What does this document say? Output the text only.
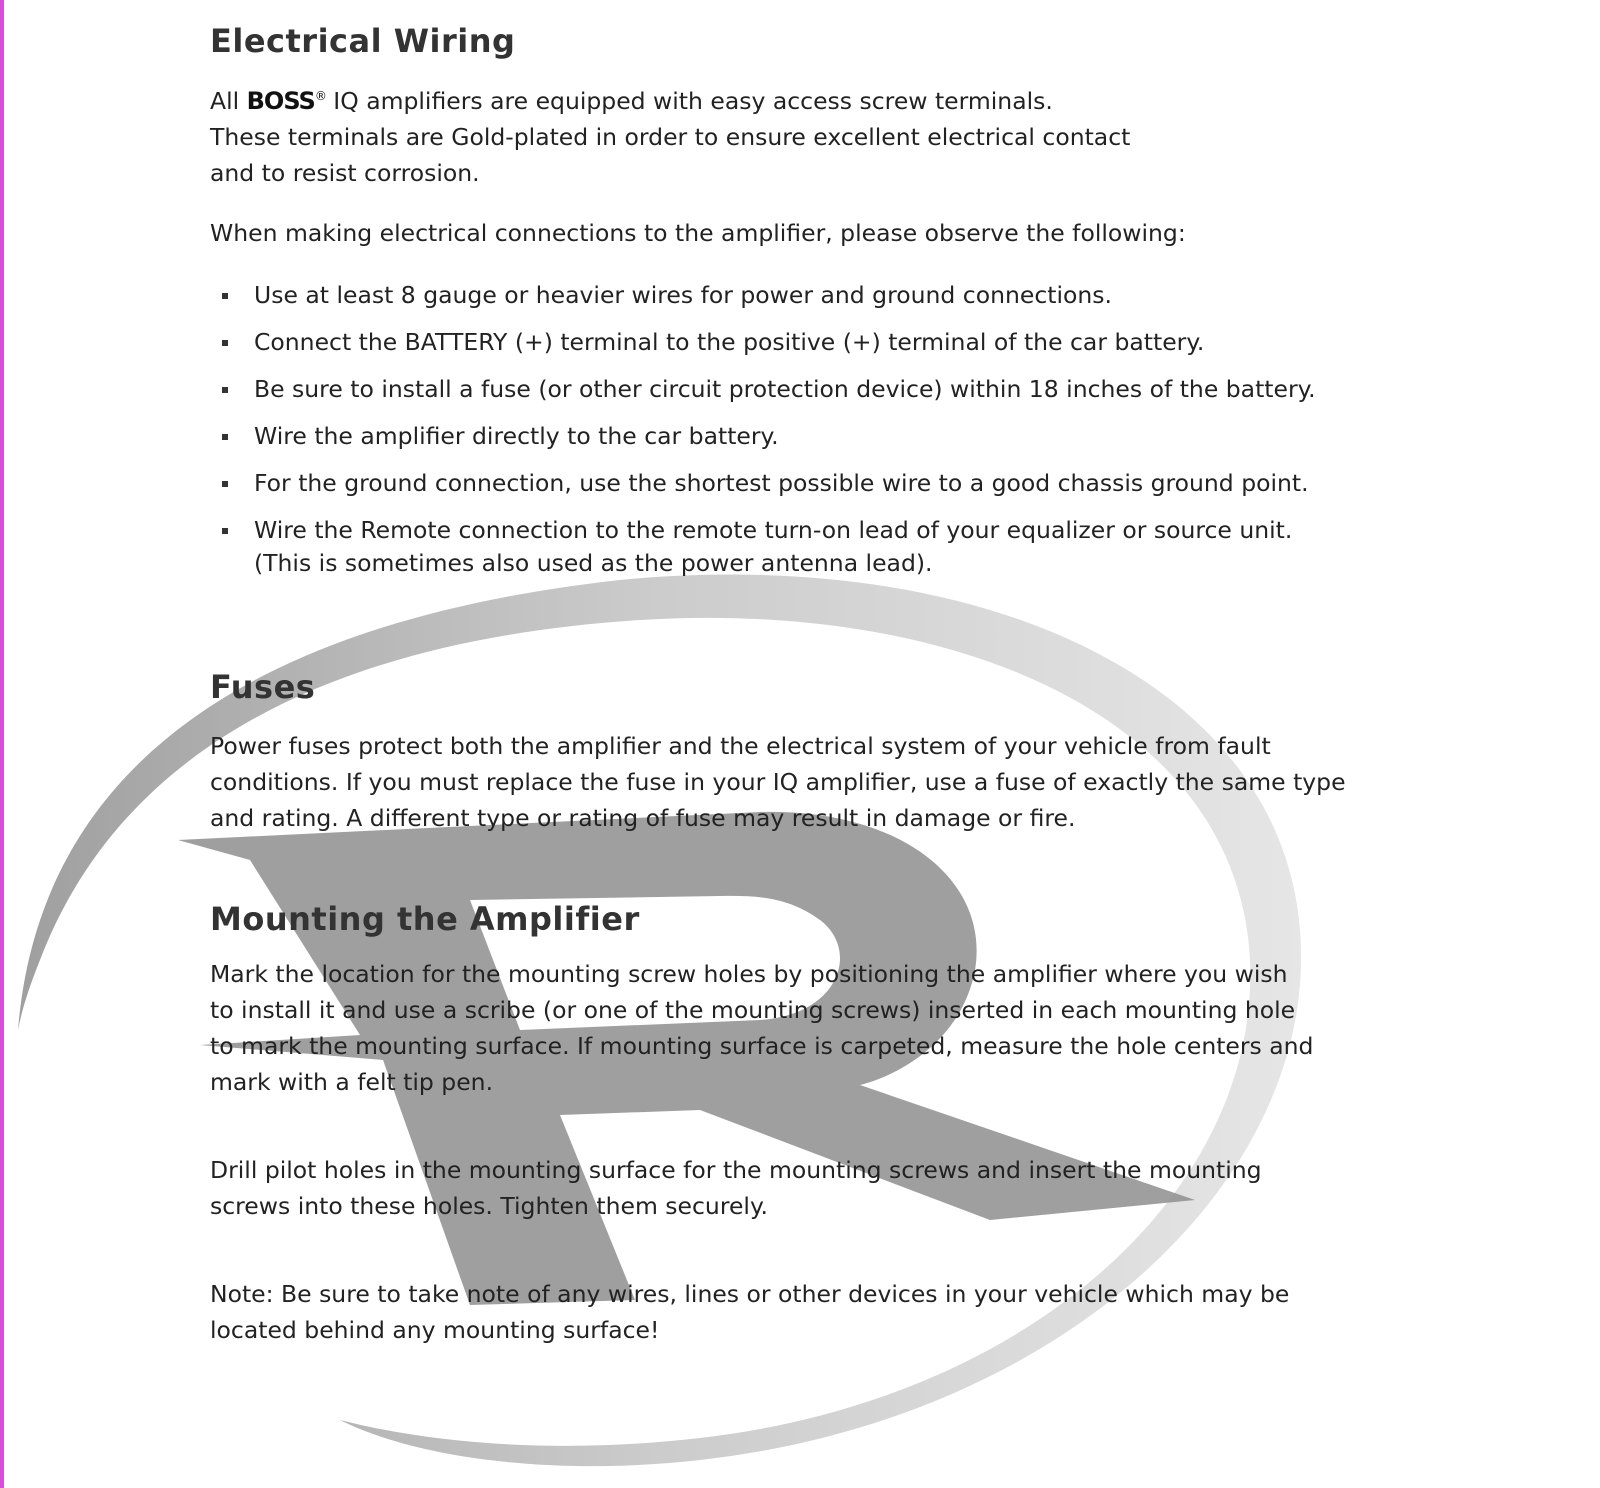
Electrical Wiring

All BOSS® IQ amplifiers are equipped with easy access screw terminals.

These terminals are Gold-plated in order to ensure excellent electrical contact

and to resist corrosion.

When making electrical connections to the amplifier, please observe the following:

Use at least 8 gauge or heavier wires for power and ground connections.
Connect the BATTERY (+) terminal to the positive (+) terminal of the car battery.
Be sure to install a fuse (or other circuit protection device) within 18 inches of the battery.
Wire the amplifier directly to the car battery.
For the ground connection, use the shortest possible wire to a good chassis ground point.
Wire the Remote connection to the remote turn-on lead of your equalizer or source unit.
(This is sometimes also used as the power antenna lead).
Fuses

Power fuses protect both the amplifier and the electrical system of your vehicle from fault

conditions. If you must replace the fuse in your IQ amplifier, use a fuse of exactly the same type

and rating. A different type or rating of fuse may result in damage or fire.

Mounting the Amplifier

Mark the location for the mounting screw holes by positioning the amplifier where you wish

to install it and use a scribe (or one of the mounting screws) inserted in each mounting hole

to mark the mounting surface. If mounting surface is carpeted, measure the hole centers and

mark with a felt tip pen.

Drill pilot holes in the mounting surface for the mounting screws and insert the mounting

screws into these holes. Tighten them securely.

Note: Be sure to take note of any wires, lines or other devices in your vehicle which may be

located behind any mounting surface!
